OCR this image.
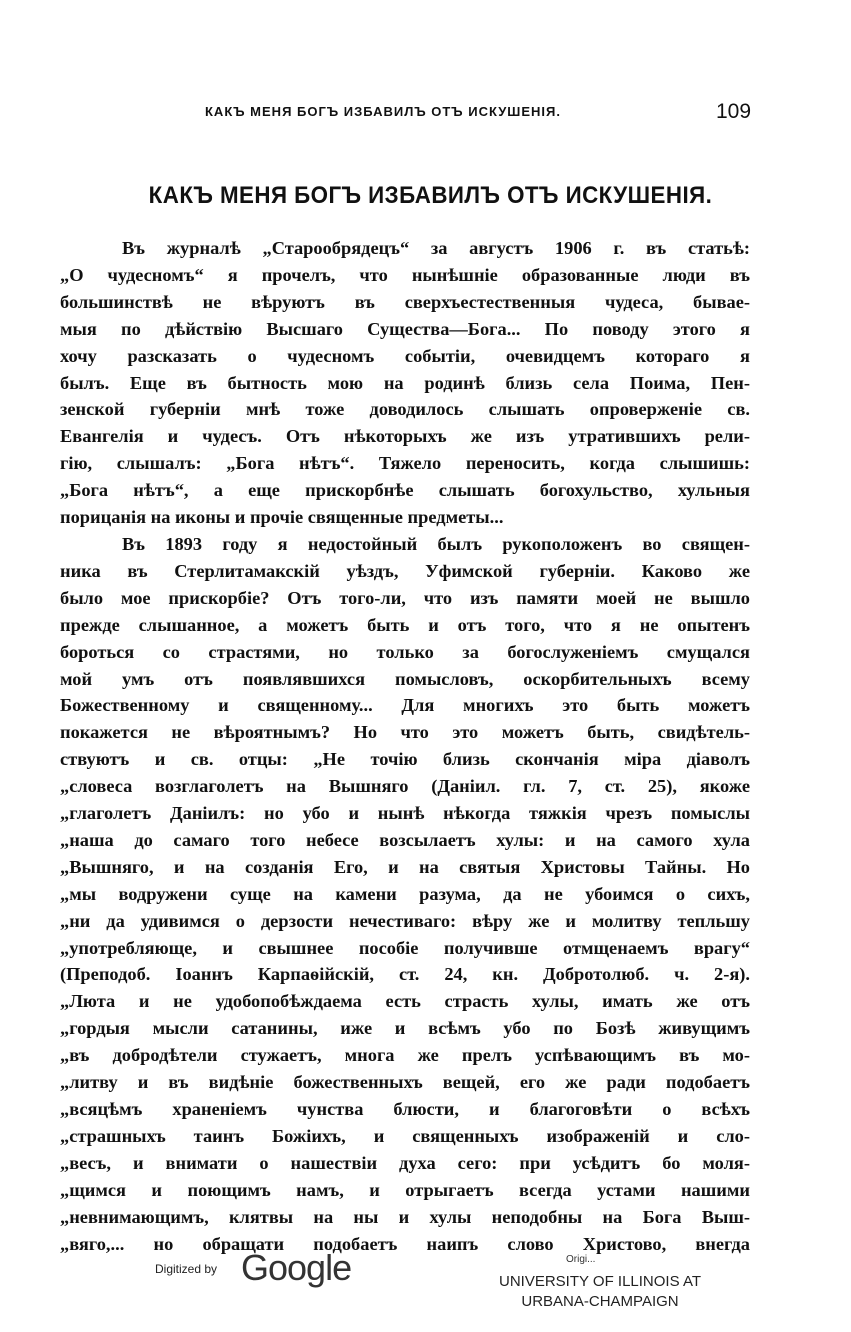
КАКЪ МЕНЯ БОГЪ ИЗБАВИЛЪ ОТЪ ИСКУШЕНІЯ.	109
КАКЪ МЕНЯ БОГЪ ИЗБАВИЛЪ ОТЪ ИСКУШЕНІЯ.
Въ журналѣ „Старообрядецъ“ за августъ 1906 г. въ статьѣ:
„О чудесномъ“ я прочелъ, что нынѣшніе образованные люди въ
большинствѣ не вѣруютъ въ сверхъестественныя чудеса, бывае-
мыя по дѣйствію Высшаго Существа—Бога... По поводу этого я
хочу разсказать о чудесномъ событіи, очевидцемъ котораго я
былъ. Еще въ бытность мою на родинѣ близь села Поима, Пен-
зенской губерніи мнѣ тоже доводилось слышать опроверженіе св.
Евангелія и чудесъ. Отъ нѣкоторыхъ же изъ утратившихъ рели-
гію, слышалъ: „Бога нѣтъ“. Тяжело переносить, когда слышишь:
„Бога нѣтъ“, а еще прискорбнѣе слышать богохульство, хульныя
порицанія на иконы и прочіе священные предметы...
Въ 1893 году я недостойный былъ рукоположенъ во священ-
ника въ Стерлитамакскій уѣздъ, Уфимской губерніи. Каково же
было мое прискорбіе? Отъ того-ли, что изъ памяти моей не вышло
прежде слышанное, а можетъ быть и отъ того, что я не опытенъ
бороться со страстями, но только за богослуженіемъ смущался
мой умъ отъ появлявшихся помысловъ, оскорбительныхъ всему
Божественному и священному... Для многихъ это быть можетъ
покажется не вѣроятнымъ? Но что это можетъ быть, свидѣтель-
ствуютъ и св. отцы: „Не точію близь скончанія міра діаволъ
„словеса возглаголетъ на Вышняго (Даніил. гл. 7, ст. 25), якоже
„глаголетъ Даніилъ: но убо и нынѣ нѣкогда тяжкія чрезъ помыслы
„наша до самаго того небесе возсылаетъ хулы: и на самого хула
„Вышняго, и на созданія Его, и на святыя Христовы Тайны. Но
„мы водружени суще на камени разума, да не убоимся о сихъ,
„ни да удивимся о дерзости нечестиваго: вѣру же и молитву тепльшу
„употребляюще, и свышнее пособіе получивше отмщенаемъ врагу“
(Преподоб. Іоаннъ Карпаѳійскій, ст. 24, кн. Добротолюб. ч. 2-я).
„Люта и не удобопобѣждаема есть страсть хулы, имать же отъ
„гордыя мысли сатанины, иже и всѣмъ убо по Бозѣ живущимъ
„въ добродѣтели стужаетъ, многа же прелъ успѣвающимъ въ мо-
„литву и въ видѣніе божественныхъ вещей, его же ради подобаетъ
„всяцѣмъ храненіемъ чунства блюсти, и благоговѣти о всѣхъ
„страшныхъ таинъ Божіихъ, и священныхъ изображеній и сло-
„весъ, и внимати о нашествіи духа сего: при усѣдитъ бо моля-
„щимся и поющимъ намъ, и отрыгаетъ всегда устами нашими
„невнимающимъ, клятвы на ны и хулы неподобны на Бога Выш-
„вяго,... но обращати подобаетъ наипъ слово Христово, внегда
Digitized by Google	Origi...
UNIVERSITY OF ILLINOIS AT
URBANA-CHAMPAIGN
